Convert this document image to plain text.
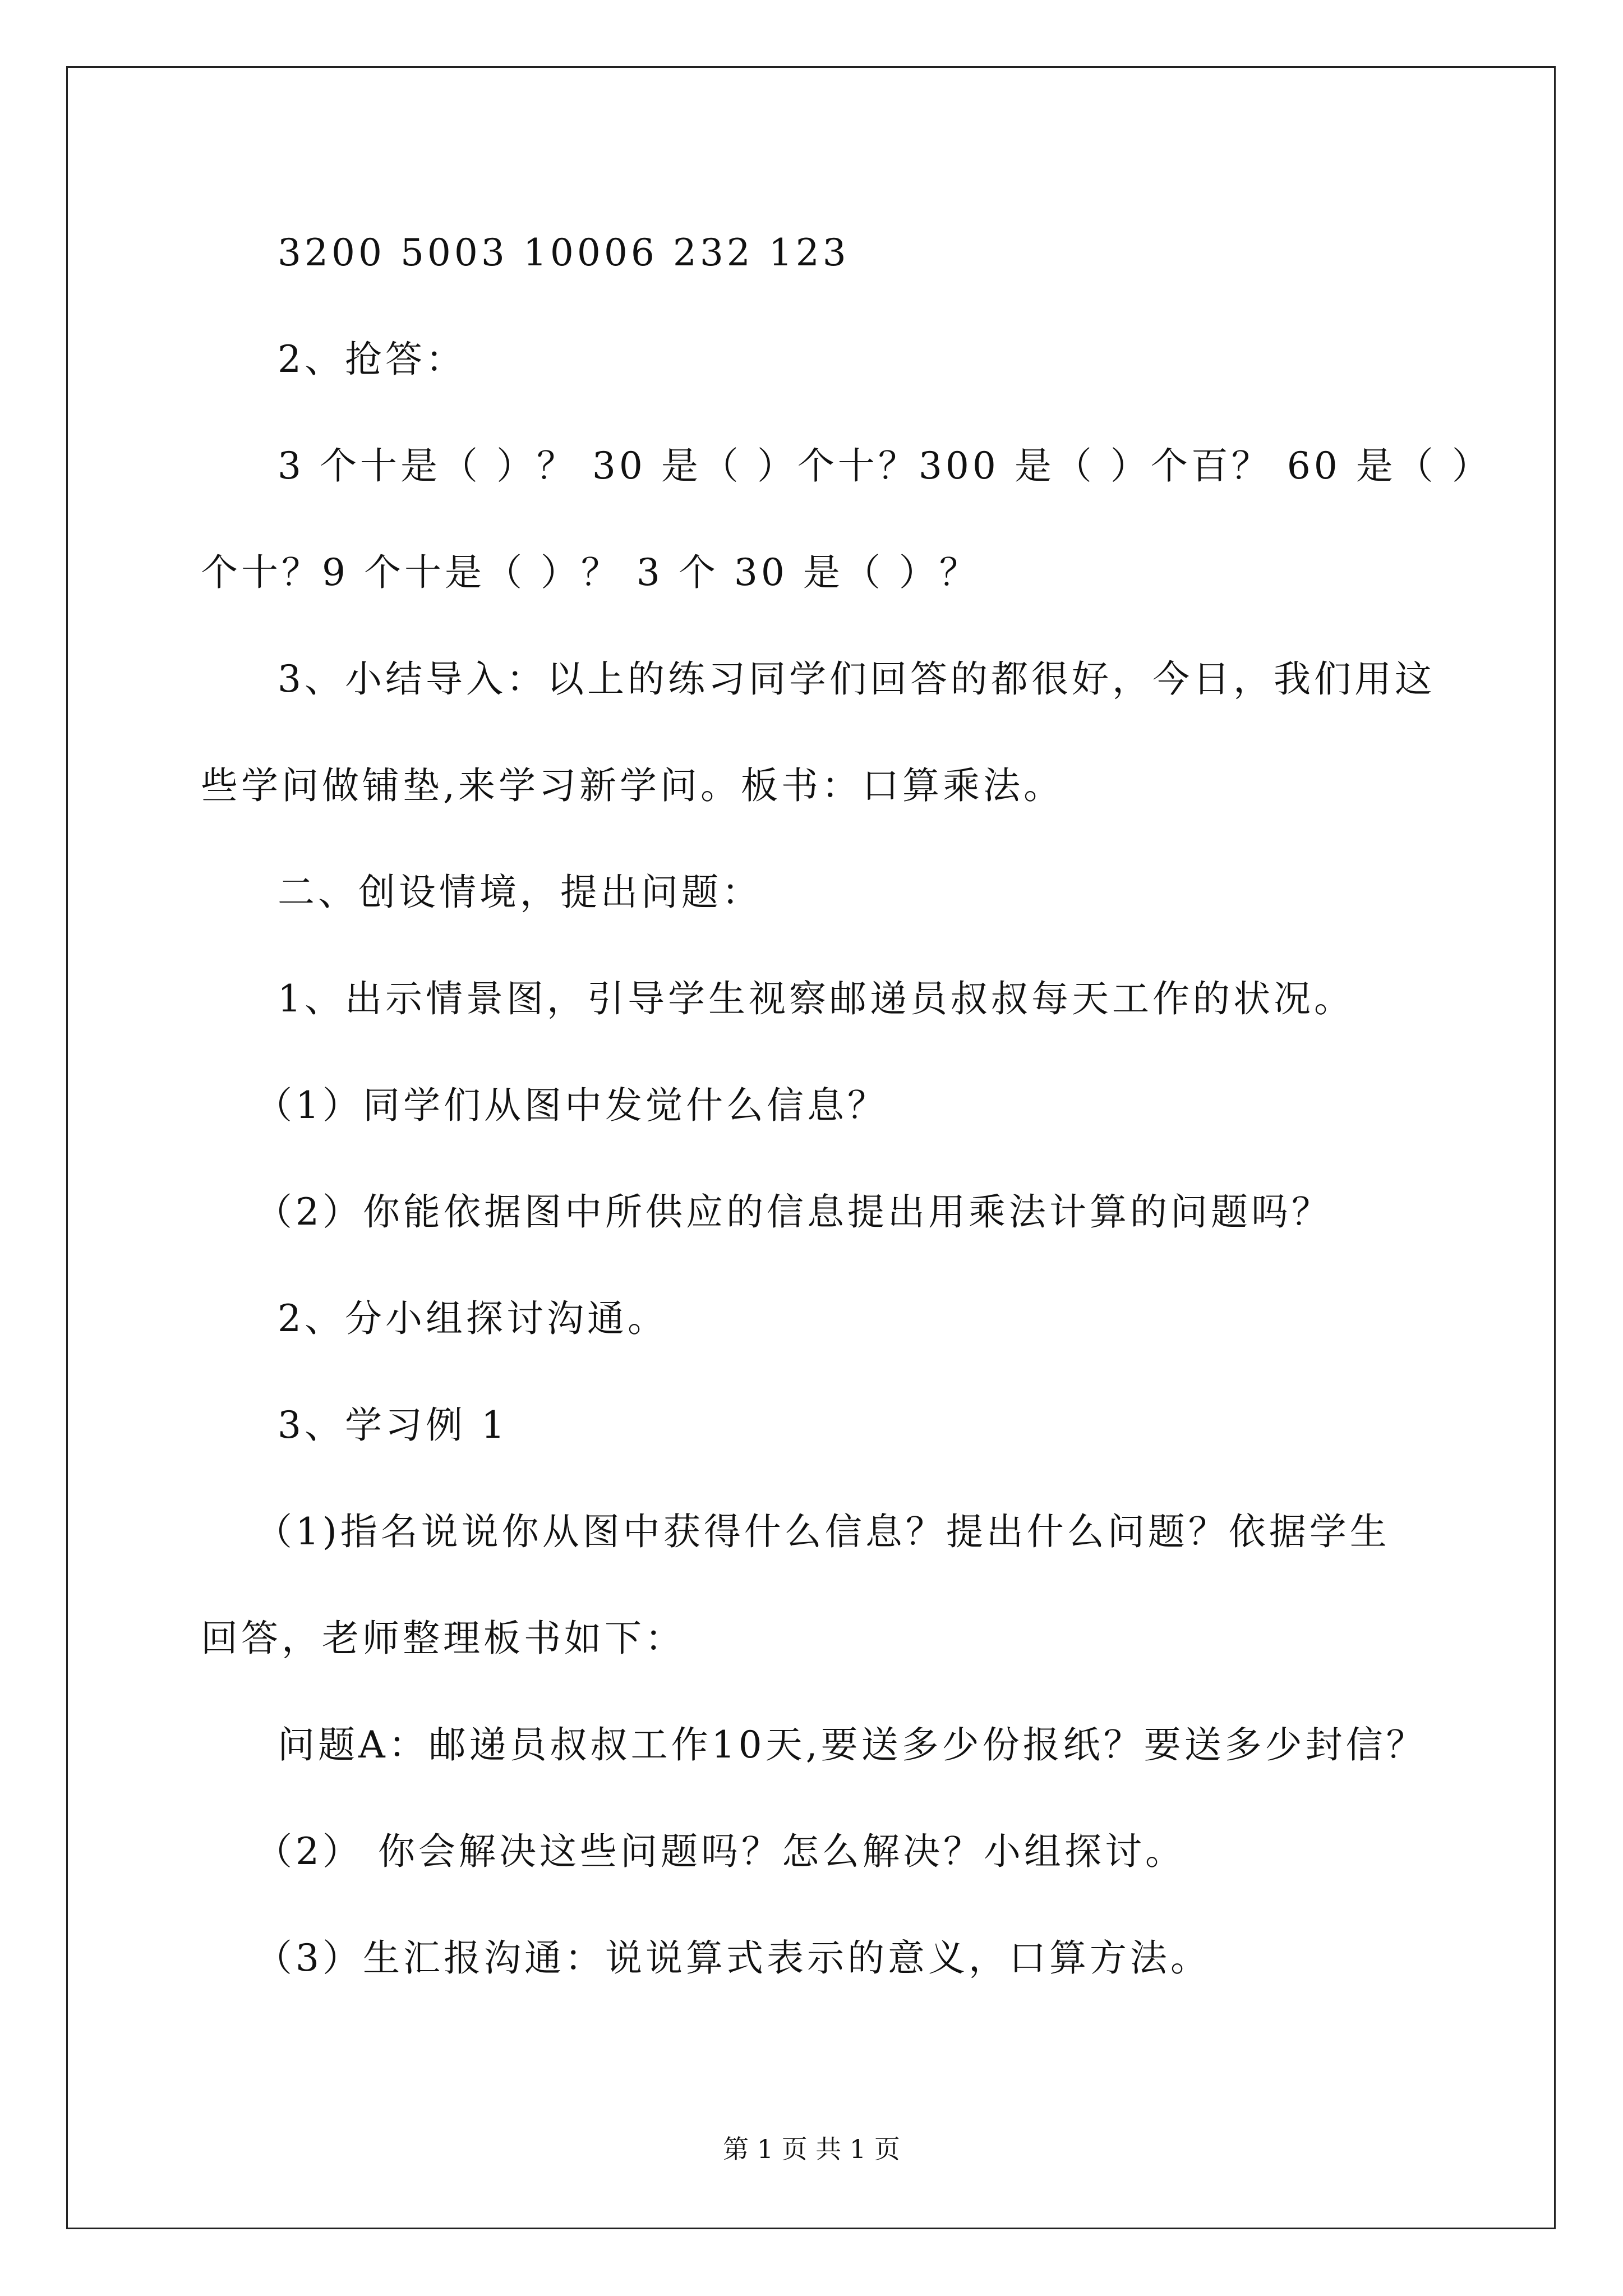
3200 5003 10006 232 123
2、抢答：
3 个十是（ ）？ 30 是（ ）个十？300 是（ ）个百？ 60 是（ ）
个十？9 个十是（ ）？ 3 个 30 是（ ）？
3、小结导入：以上的练习同学们回答的都很好，今日，我们用这
些学问做铺垫,来学习新学问。板书：口算乘法。
二、创设情境，提出问题：
1、出示情景图，引导学生视察邮递员叔叔每天工作的状况。
（1）同学们从图中发觉什么信息？
（2）你能依据图中所供应的信息提出用乘法计算的问题吗？
2、分小组探讨沟通。
3、学习例 1
（1)指名说说你从图中获得什么信息？提出什么问题？依据学生
回答，老师整理板书如下：
问题A：邮递员叔叔工作10天,要送多少份报纸？要送多少封信？
（2） 你会解决这些问题吗？怎么解决？小组探讨。
（3）生汇报沟通：说说算式表示的意义，口算方法。
第 1 页 共 1 页
